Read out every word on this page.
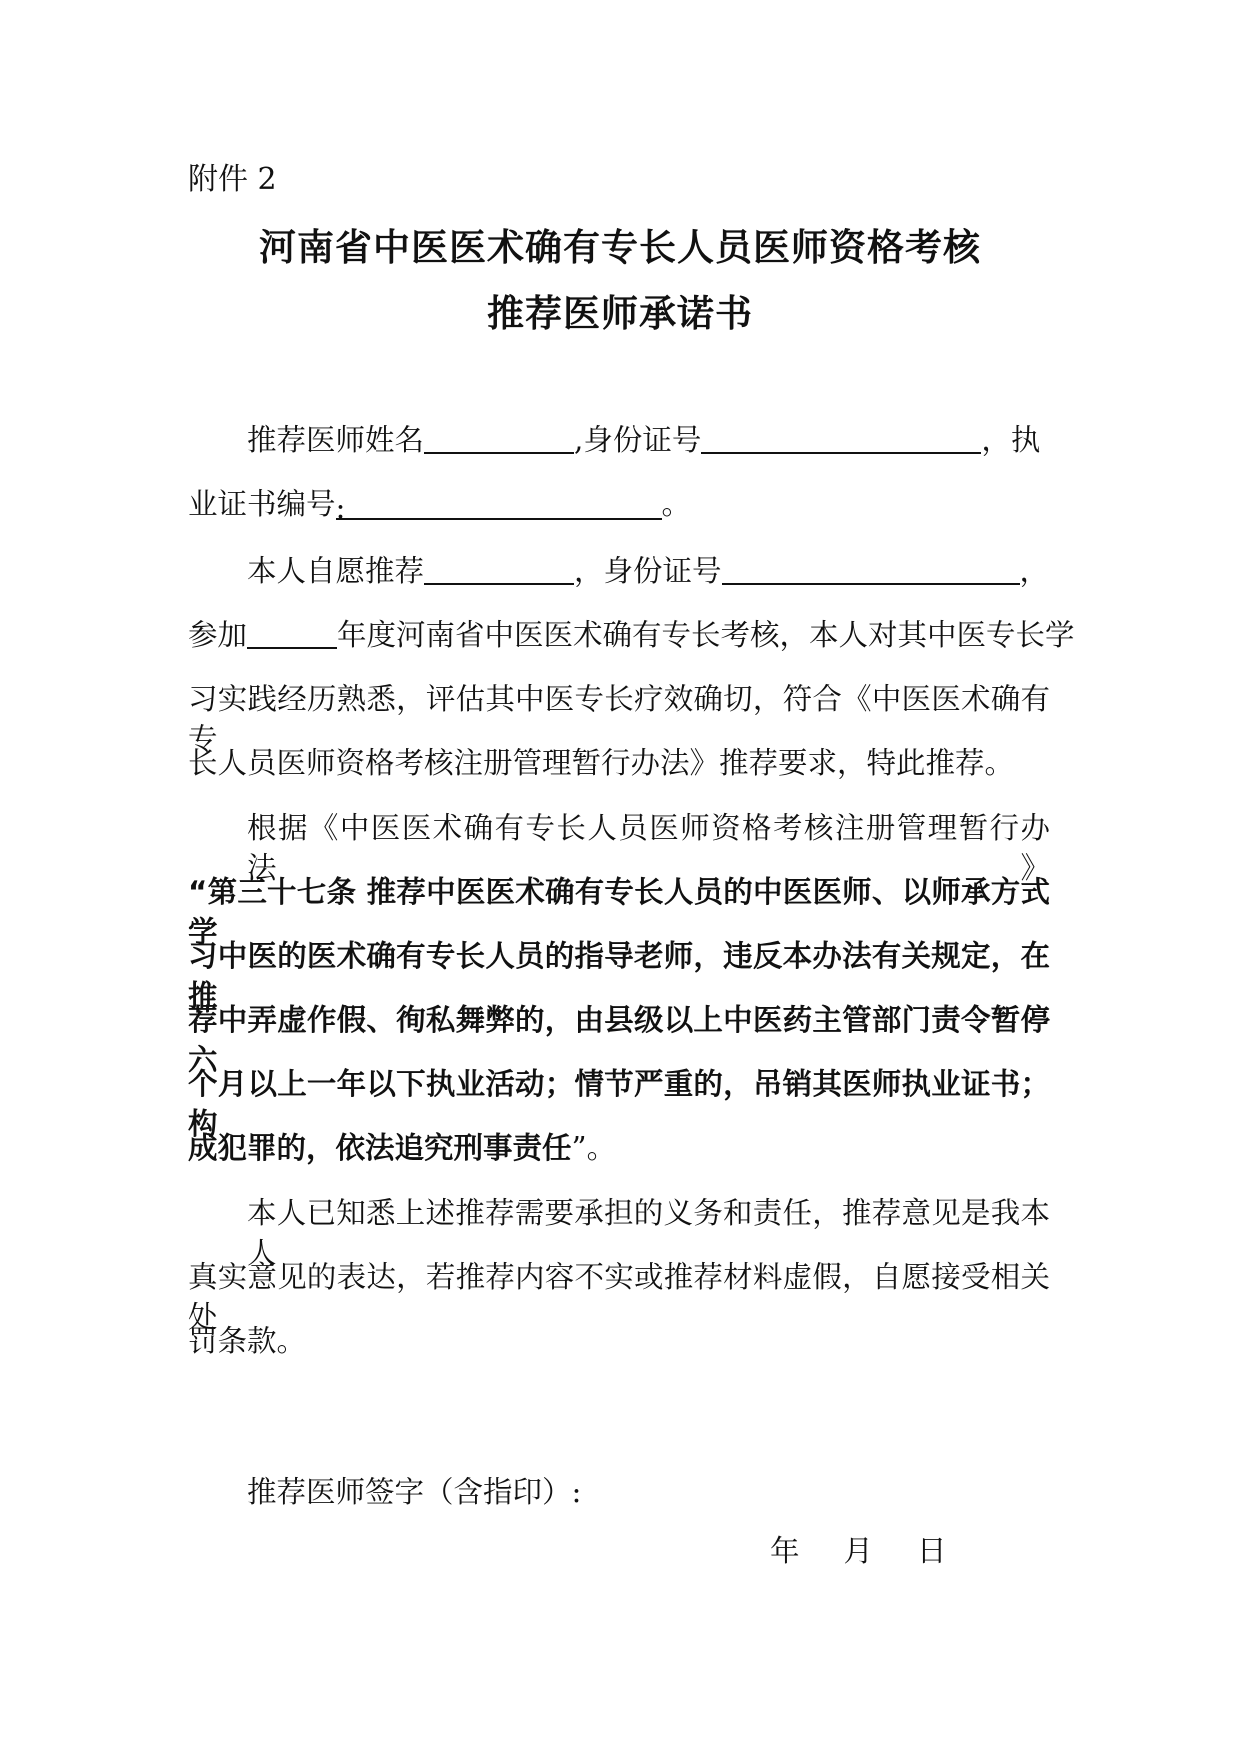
附件 2
河南省中医医术确有专长人员医师资格考核
推荐医师承诺书
推荐医师姓名	,身份证号	，执
业证书编号:	。
本人自愿推荐	，身份证号	，
参加	年度河南省中医医术确有专长考核，本人对其中医专长学
习实践经历熟悉，评估其中医专长疗效确切，符合《中医医术确有专
长人员医师资格考核注册管理暂行办法》推荐要求，特此推荐。
根据《中医医术确有专长人员医师资格考核注册管理暂行办法》
“第三十七条 推荐中医医术确有专长人员的中医医师、以师承方式学
习中医的医术确有专长人员的指导老师，违反本办法有关规定，在推
荐中弄虚作假、徇私舞弊的，由县级以上中医药主管部门责令暂停六
个月以上一年以下执业活动；情节严重的，吊销其医师执业证书；构
成犯罪的，依法追究刑事责任”。
本人已知悉上述推荐需要承担的义务和责任，推荐意见是我本人
真实意见的表达，若推荐内容不实或推荐材料虚假，自愿接受相关处
罚条款。
推荐医师签字（含指印）:
年 月 日
